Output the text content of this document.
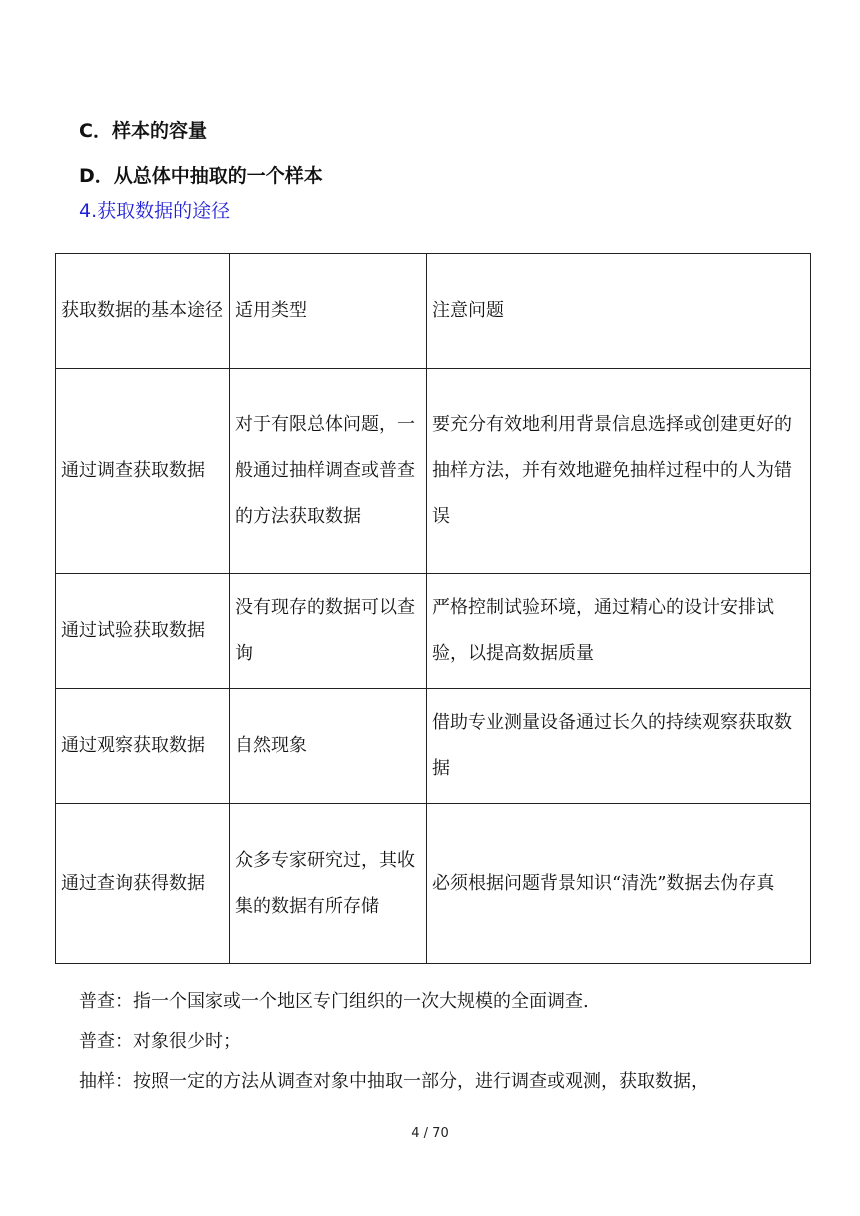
C．样本的容量
D．从总体中抽取的一个样本
4.获取数据的途径
获取数据的基本途径	适用类型	注意问题
通过调查获取数据	对于有限总体问题，一般通过抽样调查或普查的方法获取数据	要充分有效地利用背景信息选择或创建更好的抽样方法，并有效地避免抽样过程中的人为错误
通过试验获取数据	没有现存的数据可以查询	严格控制试验环境，通过精心的设计安排试验，以提高数据质量
通过观察获取数据	自然现象	借助专业测量设备通过长久的持续观察获取数据
通过查询获得数据	众多专家研究过，其收集的数据有所存储	必须根据问题背景知识“清洗”数据去伪存真
普查：指一个国家或一个地区专门组织的一次大规模的全面调查.
普查：对象很少时；
抽样：按照一定的方法从调查对象中抽取一部分，进行调查或观测，获取数据，
4 / 70
